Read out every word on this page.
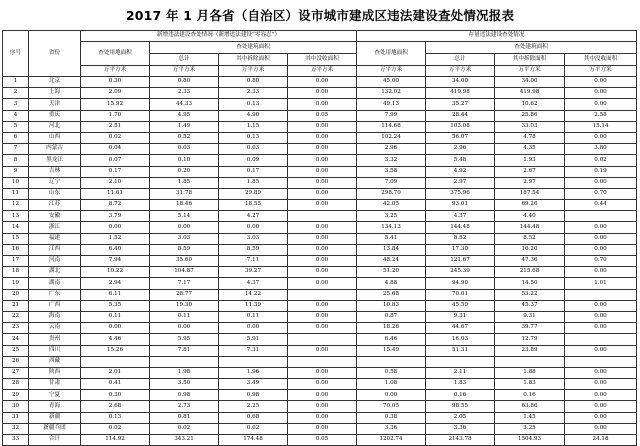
2017 年 1 月各省（自治区）设市城市建成区违法建设查处情况报表
序号	省份	新增违法建设查处情况（新增违法建设“零容忍”）				存量违法建设查处情况			
		查处用地面积	查处建筑面积			查处用地面积	查处建筑面积		
			总计	其中拆除面积	其中没收面积		总计	其中拆除面积	其中没收面积
		万平方米	万平方米	万平方米	万平方米	万平方米	万平方米	万平方米	万平方米
1	北京	0.30	0.80	0.80	0.00	45.00	34.00	34.00	0.00
2	上海	2.09	2.33	2.33	0.00	132.02	419.98	419.98	0.00
3	天津	15.92	44.33	0.13	0.00	49.13	35.27	10.62	0.00
4	重庆	1.70	4.95	4.90	0.05	7.99	28.44	25.86	2.58
5	河北	2.51	1.49	1.15	0.00	114.68	103.08	33.03	15.14
6	山西	0.02	0.52	0.13	0.00	102.24	56.07	4.78	0.00
7	内蒙古	0.04	0.03	0.03	0.00	2.96	2.96	4.35	3.80
8	黑龙江	0.07	0.10	0.09	0.00	3.32	5.48	1.93	0.02
9	吉林	0.17	0.20	0.17	0.00	3.58	4.92	2.67	0.19
10	辽宁	2.10	1.85	1.85	0.00	7.09	2.97	2.97	0.00
11	山东	11.61	31.78	29.89	0.00	298.70	375.96	187.54	0.70
12	江苏	8.72	18.46	18.55	0.00	42.05	93.01	69.26	0.44
13	安徽	3.79	5.14	4.27		3.25	4.37	4.40	
14	浙江	0.00	0.00	0.00	0.00	134.13	144.48	144.48	0.00
15	福建	1.52	3.03	3.03	0.00	5.41	8.52	8.52	0.00
16	江西	6.40	8.59	8.59	0.00	13.84	17.30	16.20	0.00
17	河南	7.94	35.60	7.11	0.00	48.24	121.67	47.36	0.70
18	湖北	10.22	104.87	39.27	0.00	51.20	245.39	215.68	0.00
19	湖南	2.94	7.17	4.37	0.00	4.88	94.90	14.50	1.01
20	广东	6.11	28.77	14.22		25.68	70.01	53.22	
21	广西	5.35	19.30	11.39	0.00	10.83	45.59	45.37	0.00
22	海南	0.11	0.11	0.11	0.00	0.87	9.31	9.31	0.00
23	云南	0.00	0.00	0.00	0.00	18.26	44.67	39.77	0.00
24	贵州	4.46	5.95	5.91		6.46	16.03	12.79	
25	四川	15.26	7.81	7.31	0.00	15.49	51.31	23.89	0.00
26	西藏								
27	陕西	2.01	1.98	1.96	0.00	0.58	2.11	1.88	0.00
28	甘肃	0.41	3.50	3.49	0.00	1.08	1.83	1.83	0.00
29	宁夏	0.30	0.98	0.98	0.00	0.00	0.16	0.16	0.00
30	青海	2.68	2.73	2.25	0.00	70.05	98.55	63.86	0.00
31	新疆	0.13	0.81	0.68	0.00	0.38	2.05	1.45	0.00
32	新疆兵团	0.02	0.02	0.02	0.00	3.36	3.36	3.25	0.00
33	合计	114.92	343.21	174.48	0.05	1202.74	2143.78	1504.93	24.18
